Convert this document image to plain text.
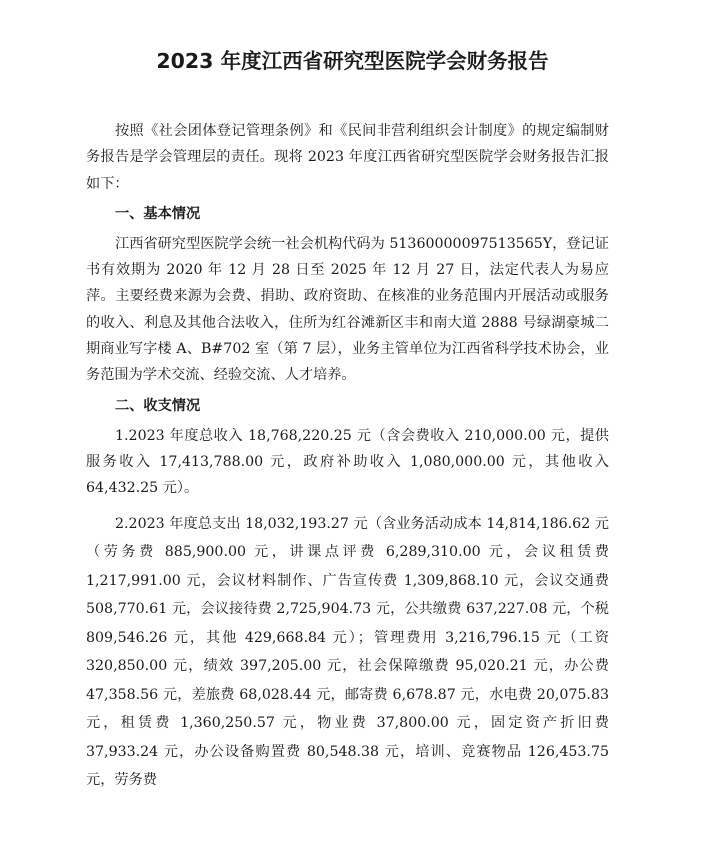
2023 年度江西省研究型医院学会财务报告

按照《社会团体登记管理条例》和《民间非营利组织会计制度》的规定编制财务报告是学会管理层的责任。现将 2023 年度江西省研究型医院学会财务报告汇报如下：

一、基本情况

江西省研究型医院学会统一社会机构代码为 51360000097513565Y，登记证书有效期为 2020 年 12 月 28 日至 2025 年 12 月 27 日，法定代表人为易应萍。主要经费来源为会费、捐助、政府资助、在核准的业务范围内开展活动或服务的收入、利息及其他合法收入，住所为红谷滩新区丰和南大道 2888 号绿湖豪城二期商业写字楼 A、B#702 室（第 7 层），业务主管单位为江西省科学技术协会，业务范围为学术交流、经验交流、人才培养。

二、收支情况

1.2023 年度总收入 18,768,220.25 元（含会费收入 210,000.00 元，提供服务收入 17,413,788.00 元，政府补助收入 1,080,000.00 元，其他收入 64,432.25 元）。

2.2023 年度总支出 18,032,193.27 元（含业务活动成本 14,814,186.62 元（劳务费 885,900.00 元，讲课点评费 6,289,310.00 元，会议租赁费 1,217,991.00 元，会议材料制作、广告宣传费 1,309,868.10 元，会议交通费 508,770.61 元，会议接待费 2,725,904.73 元，公共缴费 637,227.08 元，个税 809,546.26 元，其他 429,668.84 元）；管理费用 3,216,796.15 元（工资 320,850.00 元，绩效 397,205.00 元，社会保障缴费 95,020.21 元，办公费 47,358.56 元，差旅费 68,028.44 元，邮寄费 6,678.87 元，水电费 20,075.83 元，租赁费 1,360,250.57 元，物业费 37,800.00 元，固定资产折旧费 37,933.24 元，办公设备购置费 80,548.38 元，培训、竞赛物品 126,453.75 元，劳务费
